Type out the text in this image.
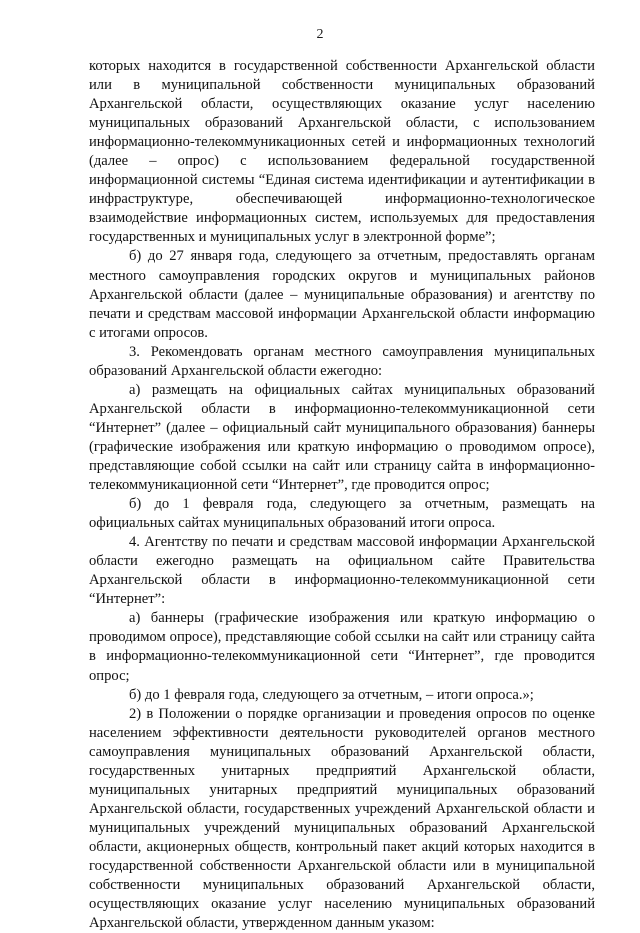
2

которых находится в государственной собственности Архангельской области или в муниципальной собственности муниципальных образований Архангельской области, осуществляющих оказание услуг населению муниципальных образований Архангельской области, с использованием информационно-телекоммуникационных сетей и информационных технологий (далее – опрос) с использованием федеральной государственной информационной системы “Единая система идентификации и аутентификации в инфраструктуре, обеспечивающей информационно-технологическое взаимодействие информационных систем, используемых для предоставления государственных и муниципальных услуг в электронной форме”;

б) до 27 января года, следующего за отчетным, предоставлять органам местного самоуправления городских округов и муниципальных районов Архангельской области (далее – муниципальные образования) и агентству по печати и средствам массовой информации Архангельской области информацию с итогами опросов.

3. Рекомендовать органам местного самоуправления муниципальных образований Архангельской области ежегодно:

а) размещать на официальных сайтах муниципальных образований Архангельской области в информационно-телекоммуникационной сети “Интернет” (далее – официальный сайт муниципального образования) баннеры (графические изображения или краткую информацию о проводимом опросе), представляющие собой ссылки на сайт или страницу сайта в информационно-телекоммуникационной сети “Интернет”, где проводится опрос;

б) до 1 февраля года, следующего за отчетным, размещать на официальных сайтах муниципальных образований итоги опроса.

4. Агентству по печати и средствам массовой информации Архангельской области ежегодно размещать на официальном сайте Правительства Архангельской области в информационно-телекоммуникационной сети “Интернет”:

а) баннеры (графические изображения или краткую информацию о проводимом опросе), представляющие собой ссылки на сайт или страницу сайта в информационно-телекоммуникационной сети “Интернет”, где проводится опрос;

б) до 1 февраля года, следующего за отчетным, – итоги опроса.»;

2) в Положении о порядке организации и проведения опросов по оценке населением эффективности деятельности руководителей органов местного самоуправления муниципальных образований Архангельской области, государственных унитарных предприятий Архангельской области, муниципальных унитарных предприятий муниципальных образований Архангельской области, государственных учреждений Архангельской области и муниципальных учреждений муниципальных образований Архангельской области, акционерных обществ, контрольный пакет акций которых находится в государственной собственности Архангельской области или в муниципальной собственности муниципальных образований Архангельской области, осуществляющих оказание услуг населению муниципальных образований Архангельской области, утвержденном данным указом:
